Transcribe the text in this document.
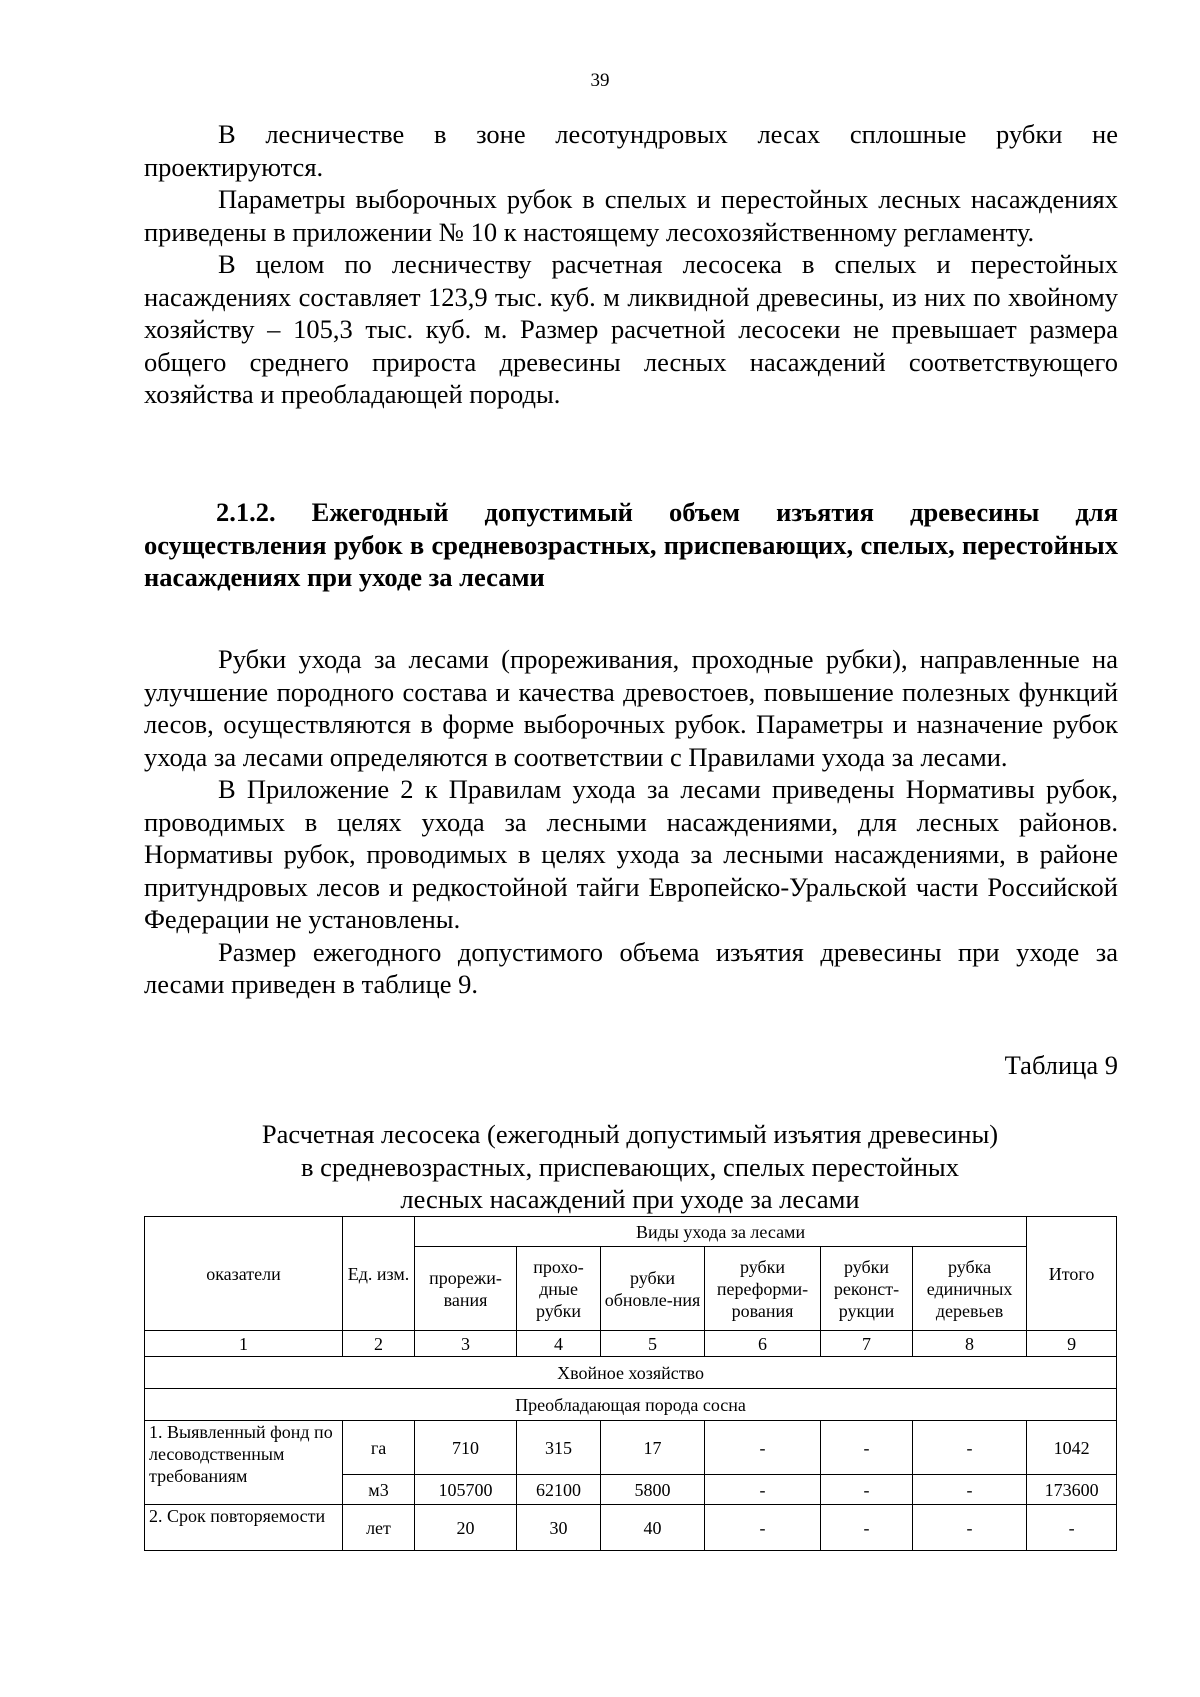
39

В лесничестве в зоне лесотундровых лесах сплошные рубки не проектируются.

Параметры выборочных рубок в спелых и перестойных лесных насаждениях приведены в приложении № 10 к настоящему лесохозяйственному регламенту.

В целом по лесничеству расчетная лесосека в спелых и перестойных насаждениях составляет 123,9 тыс. куб. м ликвидной древесины, из них по хвойному хозяйству – 105,3 тыс. куб. м. Размер расчетной лесосеки не превышает размера общего среднего прироста древесины лесных насаждений соответствующего хозяйства и преобладающей породы.

2.1.2. Ежегодный допустимый объем изъятия древесины для осуществления рубок в средневозрастных, приспевающих, спелых, перестойных насаждениях при уходе за лесами

Рубки ухода за лесами (прореживания, проходные рубки), направленные на улучшение породного состава и качества древостоев, повышение полезных функций лесов, осуществляются в форме выборочных рубок. Параметры и назначение рубок ухода за лесами определяются в соответствии с Правилами ухода за лесами.

В Приложение 2 к Правилам ухода за лесами приведены Нормативы рубок, проводимых в целях ухода за лесными насаждениями, для лесных районов. Нормативы рубок, проводимых в целях ухода за лесными насаждениями, в районе притундровых лесов и редкостойной тайги Европейско-Уральской части Российской Федерации не установлены.

Размер ежегодного допустимого объема изъятия древесины при уходе за лесами приведен в таблице 9.

Таблица 9
Расчетная лесосека (ежегодный допустимый изъятия древесины)
в средневозрастных, приспевающих, спелых перестойных
лесных насаждений при уходе за лесами
оказатели	Ед. изм.	Виды ухода за лесами						Итого
		прорежи-вания	прохо-дные рубки	рубки обновле-ния	рубки переформи-рования	рубки реконст-рукции	рубка единичных деревьев	
1	2	3	4	5	6	7	8	9
Хвойное хозяйство								
Преобладающая порода сосна								
1. Выявленный фонд по лесоводственным требованиям	га	710	315	17	-	-	-	1042
	м3	105700	62100	5800	-	-	-	173600
2. Срок повторяемости	лет	20	30	40	-	-	-	-
